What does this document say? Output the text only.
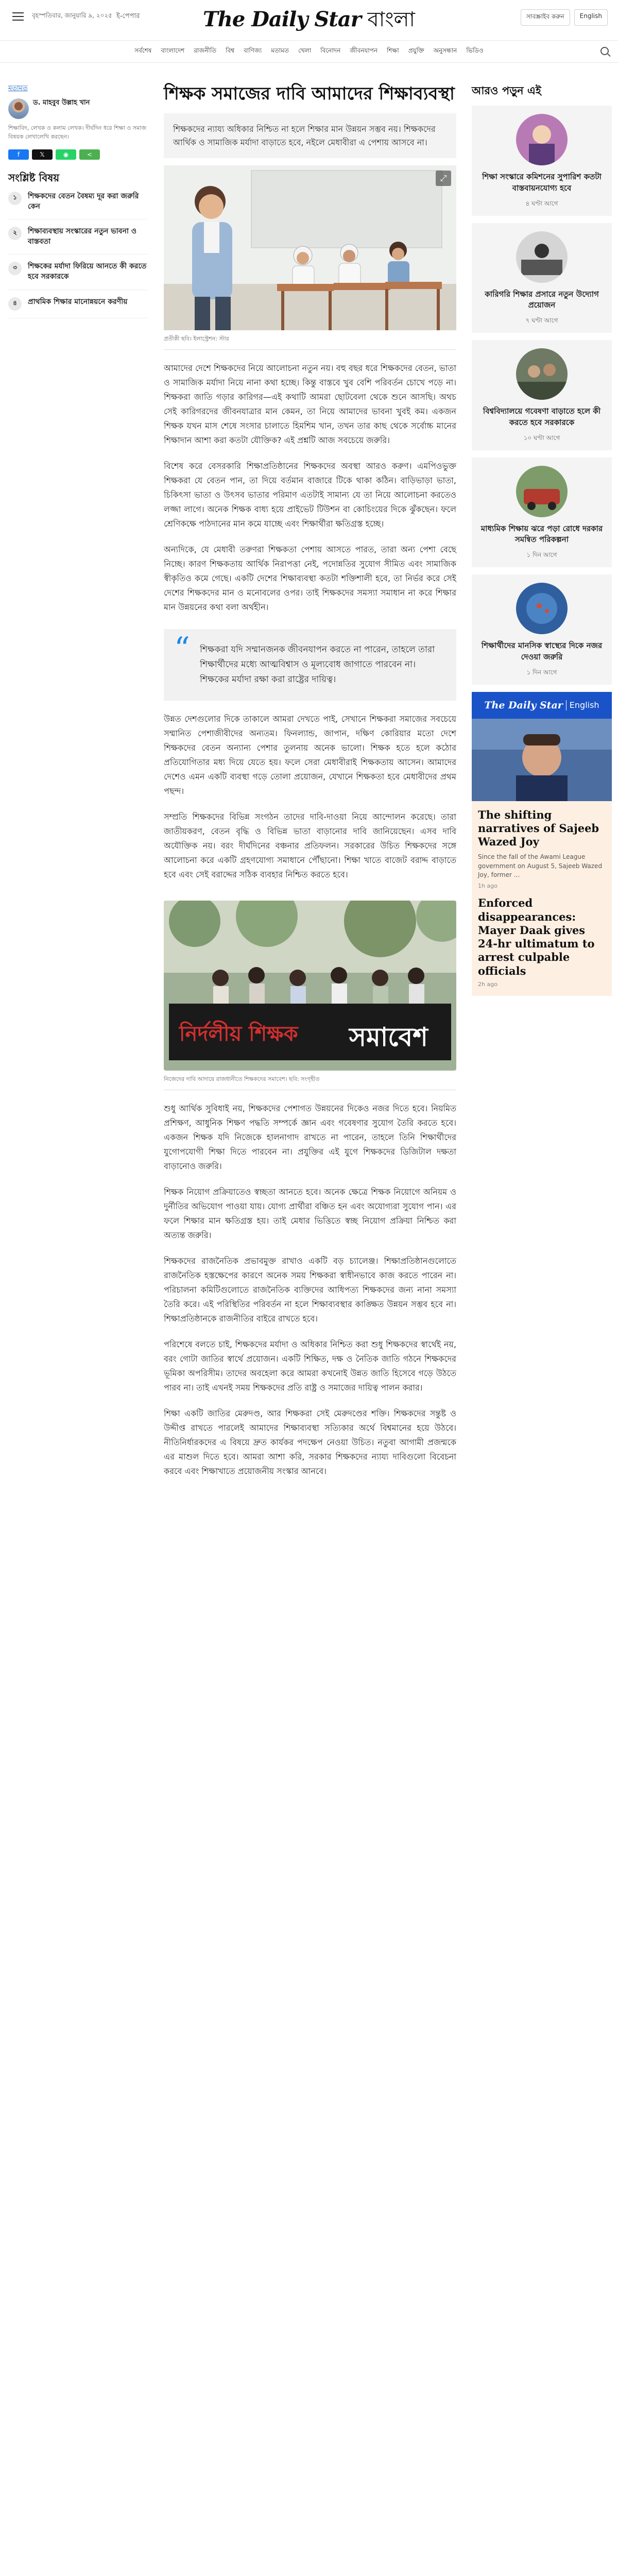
বৃহস্পতিবার, জানুয়ারি ৯, ২০২৫ ই-পেপার	The Daily Star বাংলা	সাবস্ক্রাইব করুন	English
সর্বশেষ বাংলাদেশ রাজনীতি বিশ্ব বাণিজ্য মতামত খেলা বিনোদন জীবনযাপন শিক্ষা প্রযুক্তি অনুসন্ধান ভিডিও
মতামত
ড. মাহবুব উল্লাহ খান

শিক্ষাবিদ, লেখক ও কলাম লেখক। দীর্ঘদিন ধরে শিক্ষা ও সমাজ বিষয়ক লেখালেখি করছেন।

f	𝕏	◉	<
সংশ্লিষ্ট বিষয়
১	শিক্ষকদের বেতন বৈষম্য দূর করা জরুরি কেন

২	শিক্ষাব্যবস্থায় সংস্কারের নতুন ভাবনা ও বাস্তবতা

৩	শিক্ষকের মর্যাদা ফিরিয়ে আনতে কী করতে হবে সরকারকে

৪	প্রাথমিক শিক্ষার মানোন্নয়নে করণীয়

শিক্ষক সমাজের দাবি আমাদের শিক্ষাব্যবস্থা
শিক্ষকদের ন্যায্য অধিকার নিশ্চিত না হলে শিক্ষার মান উন্নয়ন সম্ভব নয়। শিক্ষকদের আর্থিক ও সামাজিক মর্যাদা বাড়াতে হবে, নইলে মেধাবীরা এ পেশায় আসবে না।
⤢

প্রতীকী ছবি। ইলাস্ট্রেশন: স্টার

আমাদের দেশে শিক্ষকদের নিয়ে আলোচনা নতুন নয়। বহু বছর ধরে শিক্ষকদের বেতন, ভাতা ও সামাজিক মর্যাদা নিয়ে নানা কথা হচ্ছে। কিন্তু বাস্তবে খুব বেশি পরিবর্তন চোখে পড়ে না। শিক্ষকরা জাতি গড়ার কারিগর—এই কথাটি আমরা ছোটবেলা থেকে শুনে আসছি। অথচ সেই কারিগরদের জীবনযাত্রার মান কেমন, তা নিয়ে আমাদের ভাবনা খুবই কম। একজন শিক্ষক যখন মাস শেষে সংসার চালাতে হিমশিম খান, তখন তার কাছ থেকে সর্বোচ্চ মানের শিক্ষাদান আশা করা কতটা যৌক্তিক? এই প্রশ্নটি আজ সবচেয়ে জরুরি।

বিশেষ করে বেসরকারি শিক্ষাপ্রতিষ্ঠানের শিক্ষকদের অবস্থা আরও করুণ। এমপিওভুক্ত শিক্ষকরা যে বেতন পান, তা দিয়ে বর্তমান বাজারে টিকে থাকা কঠিন। বাড়িভাড়া ভাতা, চিকিৎসা ভাতা ও উৎসব ভাতার পরিমাণ এতটাই সামান্য যে তা নিয়ে আলোচনা করতেও লজ্জা লাগে। অনেক শিক্ষক বাধ্য হয়ে প্রাইভেট টিউশন বা কোচিংয়ের দিকে ঝুঁকছেন। ফলে শ্রেণিকক্ষে পাঠদানের মান কমে যাচ্ছে এবং শিক্ষার্থীরা ক্ষতিগ্রস্ত হচ্ছে।

অন্যদিকে, যে মেধাবী তরুণরা শিক্ষকতা পেশায় আসতে পারত, তারা অন্য পেশা বেছে নিচ্ছে। কারণ শিক্ষকতায় আর্থিক নিরাপত্তা নেই, পদোন্নতির সুযোগ সীমিত এবং সামাজিক স্বীকৃতিও কমে গেছে। একটি দেশের শিক্ষাব্যবস্থা কতটা শক্তিশালী হবে, তা নির্ভর করে সেই দেশের শিক্ষকদের মান ও মনোবলের ওপর। তাই শিক্ষকদের সমস্যা সমাধান না করে শিক্ষার মান উন্নয়নের কথা বলা অর্থহীন।

“ শিক্ষকরা যদি সম্মানজনক জীবনযাপন করতে না পারেন, তাহলে তারা শিক্ষার্থীদের মধ্যে আত্মবিশ্বাস ও মূল্যবোধ জাগাতে পারবেন না। শিক্ষকের মর্যাদা রক্ষা করা রাষ্ট্রের দায়িত্ব।

উন্নত দেশগুলোর দিকে তাকালে আমরা দেখতে পাই, সেখানে শিক্ষকরা সমাজের সবচেয়ে সম্মানিত পেশাজীবীদের অন্যতম। ফিনল্যান্ড, জাপান, দক্ষিণ কোরিয়ার মতো দেশে শিক্ষকদের বেতন অন্যান্য পেশার তুলনায় অনেক ভালো। শিক্ষক হতে হলে কঠোর প্রতিযোগিতার মধ্য দিয়ে যেতে হয়। ফলে সেরা মেধাবীরাই শিক্ষকতায় আসেন। আমাদের দেশেও এমন একটি ব্যবস্থা গড়ে তোলা প্রয়োজন, যেখানে শিক্ষকতা হবে মেধাবীদের প্রথম পছন্দ।

সম্প্রতি শিক্ষকদের বিভিন্ন সংগঠন তাদের দাবি-দাওয়া নিয়ে আন্দোলন করেছে। তারা জাতীয়করণ, বেতন বৃদ্ধি ও বিভিন্ন ভাতা বাড়ানোর দাবি জানিয়েছেন। এসব দাবি অযৌক্তিক নয়। বরং দীর্ঘদিনের বঞ্চনার প্রতিফলন। সরকারের উচিত শিক্ষকদের সঙ্গে আলোচনা করে একটি গ্রহণযোগ্য সমাধানে পৌঁছানো। শিক্ষা খাতে বাজেট বরাদ্দ বাড়াতে হবে এবং সেই বরাদ্দের সঠিক ব্যবহার নিশ্চিত করতে হবে।

নির্দলীয় শিক্ষক সমাবেশ

নিজেদের দাবি আদায়ে রাজধানীতে শিক্ষকদের সমাবেশ। ছবি: সংগৃহীত

শুধু আর্থিক সুবিধাই নয়, শিক্ষকদের পেশাগত উন্নয়নের দিকেও নজর দিতে হবে। নিয়মিত প্রশিক্ষণ, আধুনিক শিক্ষণ পদ্ধতি সম্পর্কে জ্ঞান এবং গবেষণার সুযোগ তৈরি করতে হবে। একজন শিক্ষক যদি নিজেকে হালনাগাদ রাখতে না পারেন, তাহলে তিনি শিক্ষার্থীদের যুগোপযোগী শিক্ষা দিতে পারবেন না। প্রযুক্তির এই যুগে শিক্ষকদের ডিজিটাল দক্ষতা বাড়ানোও জরুরি।

শিক্ষক নিয়োগ প্রক্রিয়াতেও স্বচ্ছতা আনতে হবে। অনেক ক্ষেত্রে শিক্ষক নিয়োগে অনিয়ম ও দুর্নীতির অভিযোগ পাওয়া যায়। যোগ্য প্রার্থীরা বঞ্চিত হন এবং অযোগ্যরা সুযোগ পান। এর ফলে শিক্ষার মান ক্ষতিগ্রস্ত হয়। তাই মেধার ভিত্তিতে স্বচ্ছ নিয়োগ প্রক্রিয়া নিশ্চিত করা অত্যন্ত জরুরি।

শিক্ষকদের রাজনৈতিক প্রভাবমুক্ত রাখাও একটি বড় চ্যালেঞ্জ। শিক্ষাপ্রতিষ্ঠানগুলোতে রাজনৈতিক হস্তক্ষেপের কারণে অনেক সময় শিক্ষকরা স্বাধীনভাবে কাজ করতে পারেন না। পরিচালনা কমিটিগুলোতে রাজনৈতিক ব্যক্তিদের আধিপত্য শিক্ষকদের জন্য নানা সমস্যা তৈরি করে। এই পরিস্থিতির পরিবর্তন না হলে শিক্ষাব্যবস্থার কাঙ্ক্ষিত উন্নয়ন সম্ভব হবে না। শিক্ষাপ্রতিষ্ঠানকে রাজনীতির বাইরে রাখতে হবে।

পরিশেষে বলতে চাই, শিক্ষকদের মর্যাদা ও অধিকার নিশ্চিত করা শুধু শিক্ষকদের স্বার্থেই নয়, বরং গোটা জাতির স্বার্থে প্রয়োজন। একটি শিক্ষিত, দক্ষ ও নৈতিক জাতি গঠনে শিক্ষকদের ভূমিকা অপরিসীম। তাদের অবহেলা করে আমরা কখনোই উন্নত জাতি হিসেবে গড়ে উঠতে পারব না। তাই এখনই সময় শিক্ষকদের প্রতি রাষ্ট্র ও সমাজের দায়িত্ব পালন করার।

শিক্ষা একটি জাতির মেরুদণ্ড, আর শিক্ষকরা সেই মেরুদণ্ডের শক্তি। শিক্ষকদের সন্তুষ্ট ও উদ্দীপ্ত রাখতে পারলেই আমাদের শিক্ষাব্যবস্থা সত্যিকার অর্থে বিশ্বমানের হয়ে উঠবে। নীতিনির্ধারকদের এ বিষয়ে দ্রুত কার্যকর পদক্ষেপ নেওয়া উচিত। নতুবা আগামী প্রজন্মকে এর মাশুল দিতে হবে। আমরা আশা করি, সরকার শিক্ষকদের ন্যায্য দাবিগুলো বিবেচনা করবে এবং শিক্ষাখাতে প্রয়োজনীয় সংস্কার আনবে।

আরও পড়ুন এই

শিক্ষা সংস্কারে কমিশনের সুপারিশ কতটা বাস্তবায়নযোগ্য হবে

৪ ঘণ্টা আগে

কারিগরি শিক্ষার প্রসারে নতুন উদ্যোগ প্রয়োজন

৭ ঘণ্টা আগে

বিশ্ববিদ্যালয়ে গবেষণা বাড়াতে হলে কী করতে হবে সরকারকে

১০ ঘণ্টা আগে

মাধ্যমিক শিক্ষায় ঝরে পড়া রোধে দরকার সমন্বিত পরিকল্পনা

১ দিন আগে

শিক্ষার্থীদের মানসিক স্বাস্থ্যের দিকে নজর দেওয়া জরুরি

১ দিন আগে

The Daily Star English

The shifting narratives of Sajeeb Wazed Joy

Since the fall of the Awami League government on August 5, Sajeeb Wazed Joy, former ...

1h ago

Enforced disappearances: Mayer Daak gives 24-hr ultimatum to arrest culpable officials

2h ago
